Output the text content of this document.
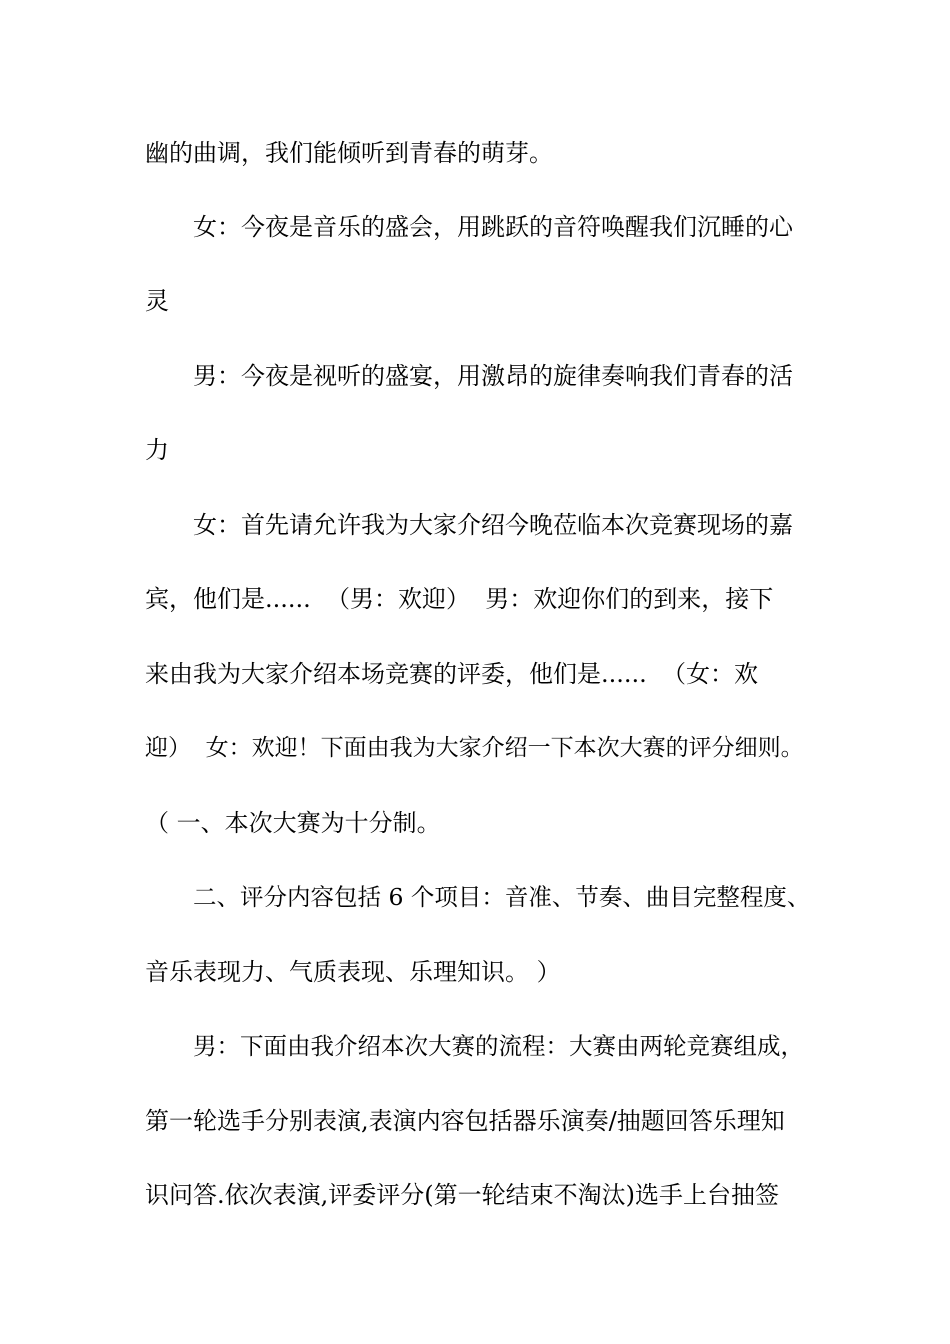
幽的曲调，我们能倾听到青春的萌芽。
女：今夜是音乐的盛会，用跳跃的音符唤醒我们沉睡的心
灵
男：今夜是视听的盛宴，用激昂的旋律奏响我们青春的活
力
女：首先请允许我为大家介绍今晚莅临本次竞赛现场的嘉
宾，他们是......  （男：欢迎）  男：欢迎你们的到来，接下
来由我为大家介绍本场竞赛的评委，他们是......  （女：欢
迎）  女：欢迎！下面由我为大家介绍一下本次大赛的评分细则。
（ 一、本次大赛为十分制。
二、评分内容包括 6 个项目：音准、节奏、曲目完整程度、
音乐表现力、气质表现、乐理知识。 ）
男：下面由我介绍本次大赛的流程：大赛由两轮竞赛组成，
第一轮选手分别表演,表演内容包括器乐演奏/抽题回答乐理知
识问答.依次表演,评委评分(第一轮结束不淘汰)选手上台抽签
